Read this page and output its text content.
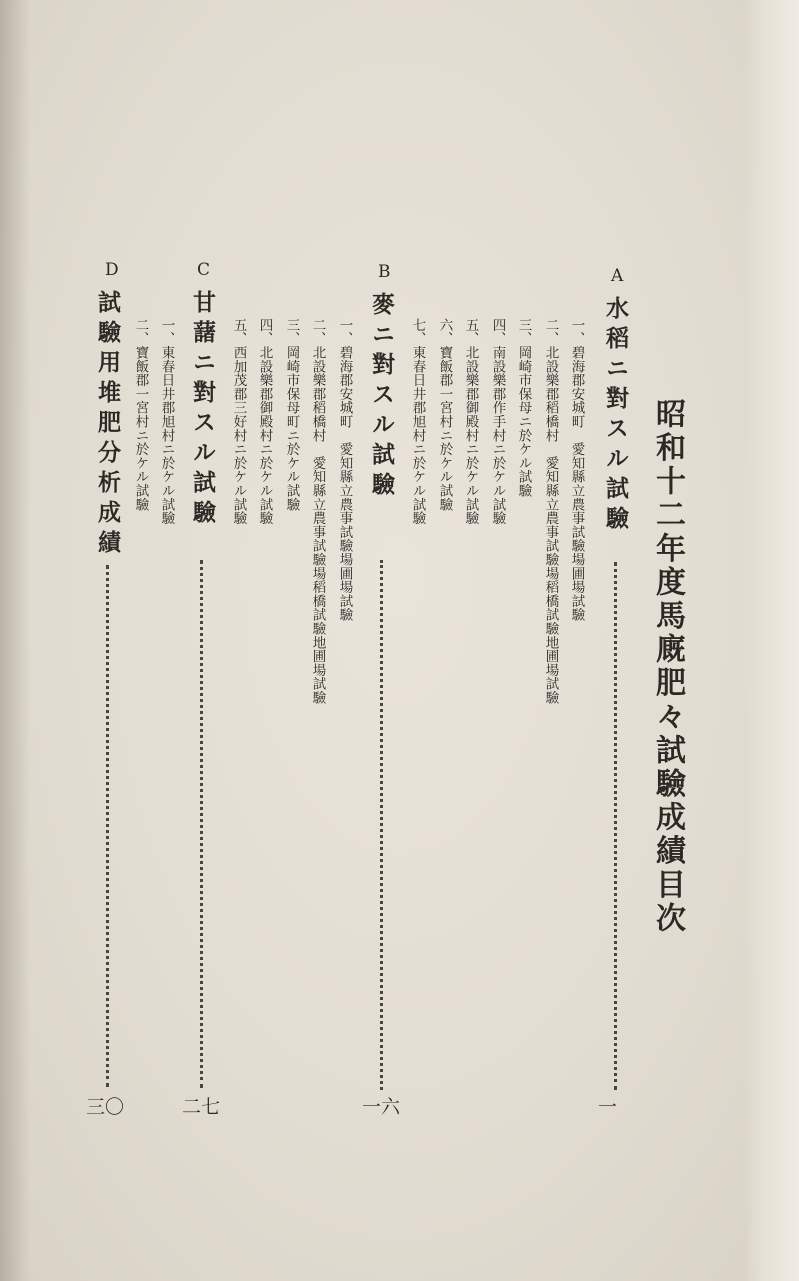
昭和十二年度馬廐肥々試驗成績目次
A
水稻ニ對スル試驗
一
一、碧海郡安城町　愛知縣立農事試驗場圃場試驗
二、北設樂郡稻橋村　愛知縣立農事試驗場稻橋試驗地圃場試驗
三、岡崎市保母ニ於ケル試驗
四、南設樂郡作手村ニ於ケル試驗
五、北設樂郡御殿村ニ於ケル試驗
六、寶飯郡一宮村ニ於ケル試驗
七、東春日井郡旭村ニ於ケル試驗
B
麥ニ對スル試驗
一六
一、碧海郡安城町　愛知縣立農事試驗場圃場試驗
二、北設樂郡稻橋村　愛知縣立農事試驗場稻橋試驗地圃場試驗
三、岡崎市保母町ニ於ケル試驗
四、北設樂郡御殿村ニ於ケル試驗
五、西加茂郡三好村ニ於ケル試驗
C
甘藷ニ對スル試驗
二七
一、東春日井郡旭村ニ於ケル試驗
二、寶飯郡一宮村ニ於ケル試驗
D
試驗用堆肥分析成績
三〇
